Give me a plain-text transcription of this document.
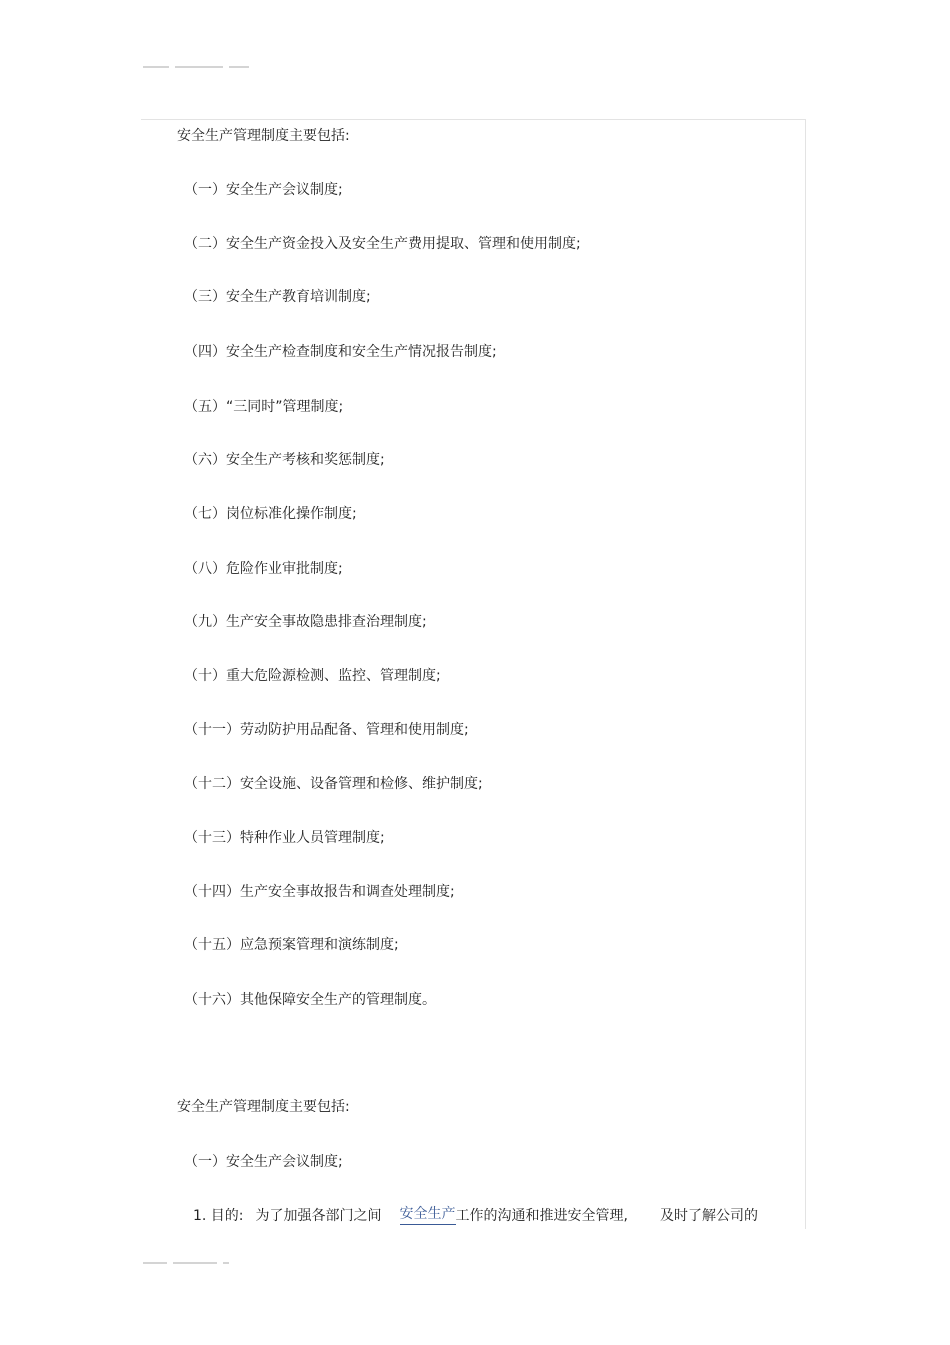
安全生产管理制度主要包括:
（一）安全生产会议制度;
（二）安全生产资金投入及安全生产费用提取、管理和使用制度;
（三）安全生产教育培训制度;
（四）安全生产检查制度和安全生产情况报告制度;
（五）“三同时”管理制度;
（六）安全生产考核和奖惩制度;
（七）岗位标准化操作制度;
（八）危险作业审批制度;
（九）生产安全事故隐患排查治理制度;
（十）重大危险源检测、监控、管理制度;
（十一）劳动防护用品配备、管理和使用制度;
（十二）安全设施、设备管理和检修、维护制度;
（十三）特种作业人员管理制度;
（十四）生产安全事故报告和调查处理制度;
（十五）应急预案管理和演练制度;
（十六）其他保障安全生产的管理制度。
安全生产管理制度主要包括:
（一）安全生产会议制度;
1. 目的: 为了加强各部门之间 安全生产 工作的沟通和推进安全管理, 及时了解公司的
